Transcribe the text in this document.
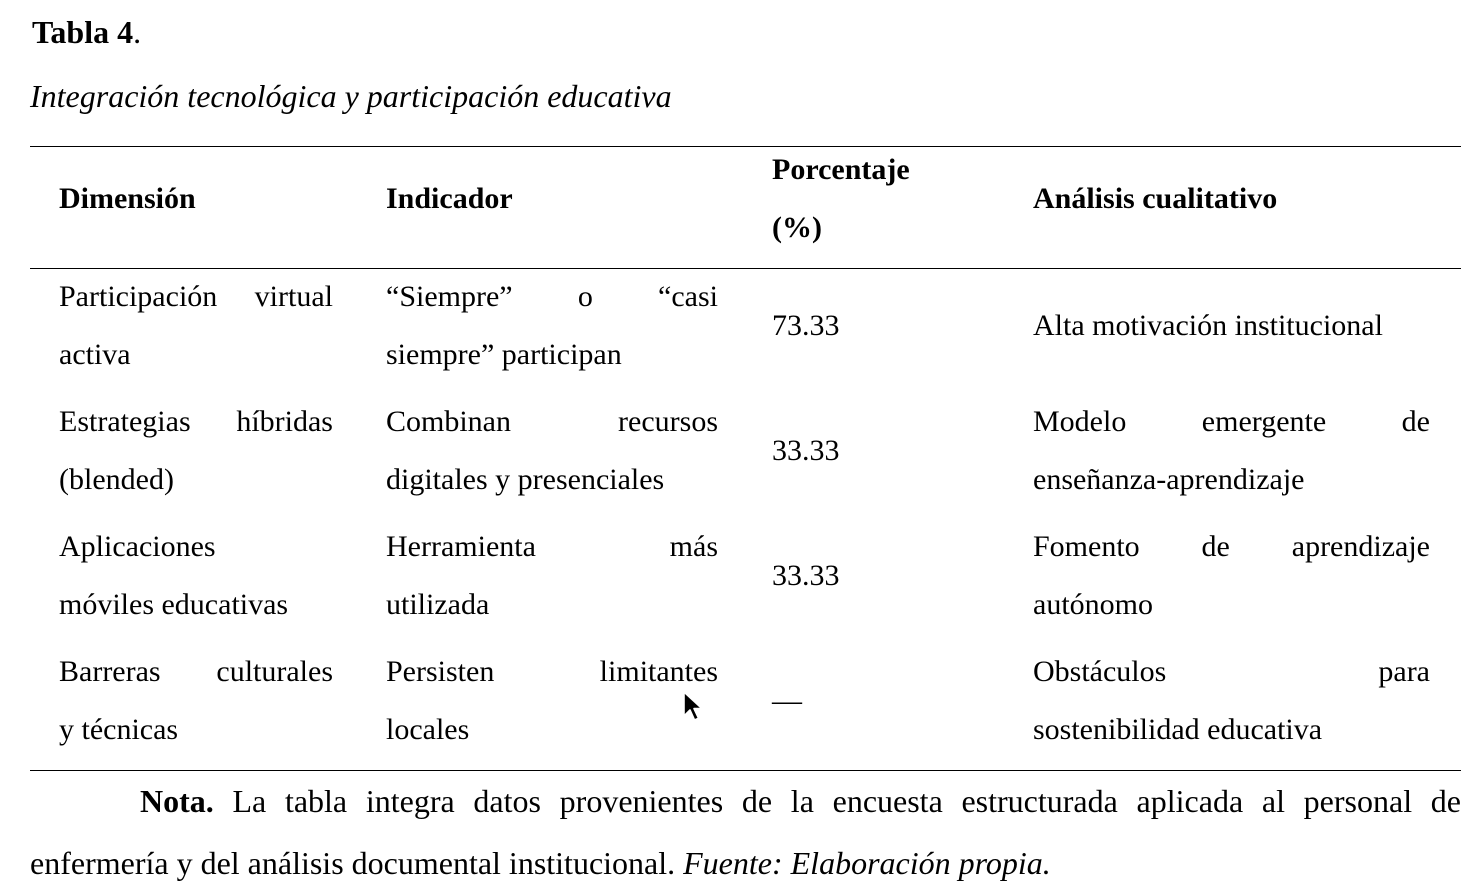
Tabla 4.

Integración tecnológica y participación educativa

Dimensión	Indicador
Porcentaje
(%)
Análisis cualitativo
Participación virtual
activa
“Siempre” o “casi
siempre” participan
73.33	Alta motivación institucional
Estrategias híbridas
(blended)
Combinan recursos
digitales y presenciales
33.33
Modelo emergente de
enseñanza-aprendizaje
Aplicaciones
móviles educativas
Herramienta más
utilizada
33.33
Fomento de aprendizaje
autónomo
Barreras culturales
y técnicas
Persisten limitantes
locales
—
Obstáculos para
sostenibilidad educativa

Nota. La tabla integra datos provenientes de la encuesta estructurada aplicada al personal de enfermería y del análisis documental institucional. Fuente: Elaboración propia.
